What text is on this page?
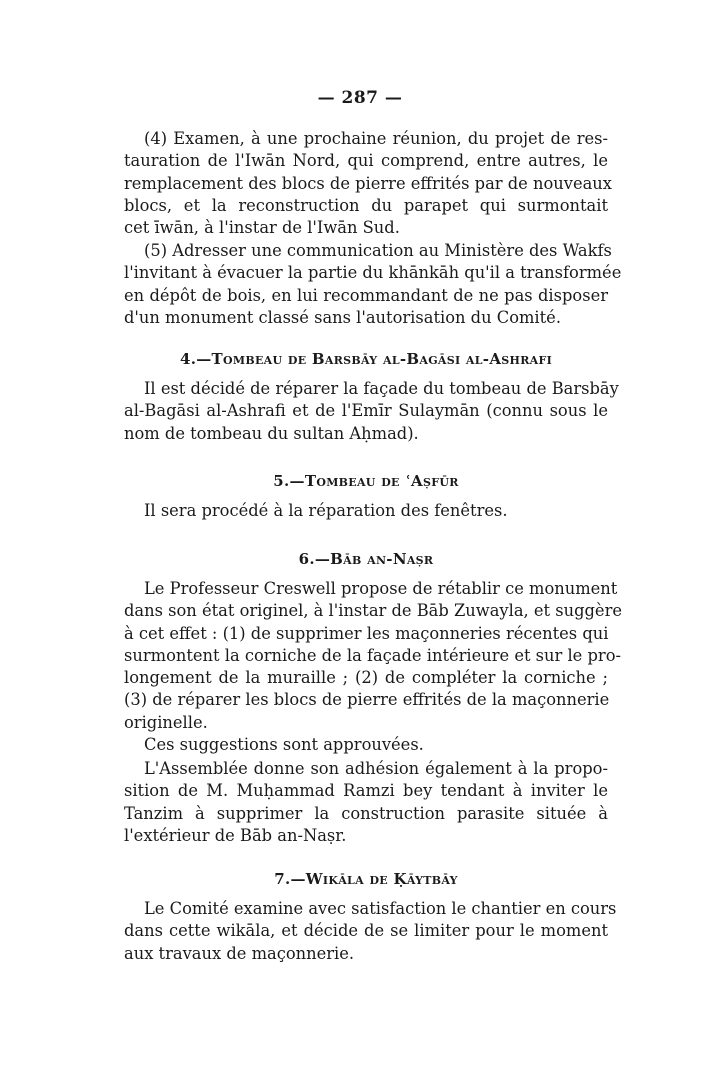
— 287 —
(4) Examen, à une prochaine réunion, du projet de res-
tauration de l'Iwān Nord, qui comprend, entre autres, le
remplacement des blocs de pierre effrités par de nouveaux
blocs, et la reconstruction du parapet qui surmontait
cet īwān, à l'instar de l'Iwān Sud.
(5) Adresser une communication au Ministère des Wakfs
l'invitant à évacuer la partie du khānkāh qu'il a transformée
en dépôt de bois, en lui recommandant de ne pas disposer
d'un monument classé sans l'autorisation du Comité.
4.—Tombeau de Barsbāy al-Bagāsi al-Ashrafi
Il est décidé de réparer la façade du tombeau de Barsbāy
al-Bagāsi al-Ashrafi et de l'Emīr Sulaymān (connu sous le
nom de tombeau du sultan Aḥmad).
5.—Tombeau de ʿAṣfūr
Il sera procédé à la réparation des fenêtres.
6.—Bāb an-Naṣr
Le Professeur Creswell propose de rétablir ce monument
dans son état originel, à l'instar de Bāb Zuwayla, et suggère
à cet effet : (1) de supprimer les maçonneries récentes qui
surmontent la corniche de la façade intérieure et sur le pro-
longement de la muraille ; (2) de compléter la corniche ;
(3) de réparer les blocs de pierre effrités de la maçonnerie
originelle.
Ces suggestions sont approuvées.
L'Assemblée donne son adhésion également à la propo-
sition de M. Muḥammad Ramzi bey tendant à inviter le
Tanzim à supprimer la construction parasite située à
l'extérieur de Bāb an-Naṣr.
7.—Wikāla de Ḳāytbāy
Le Comité examine avec satisfaction le chantier en cours
dans cette wikāla, et décide de se limiter pour le moment
aux travaux de maçonnerie.
